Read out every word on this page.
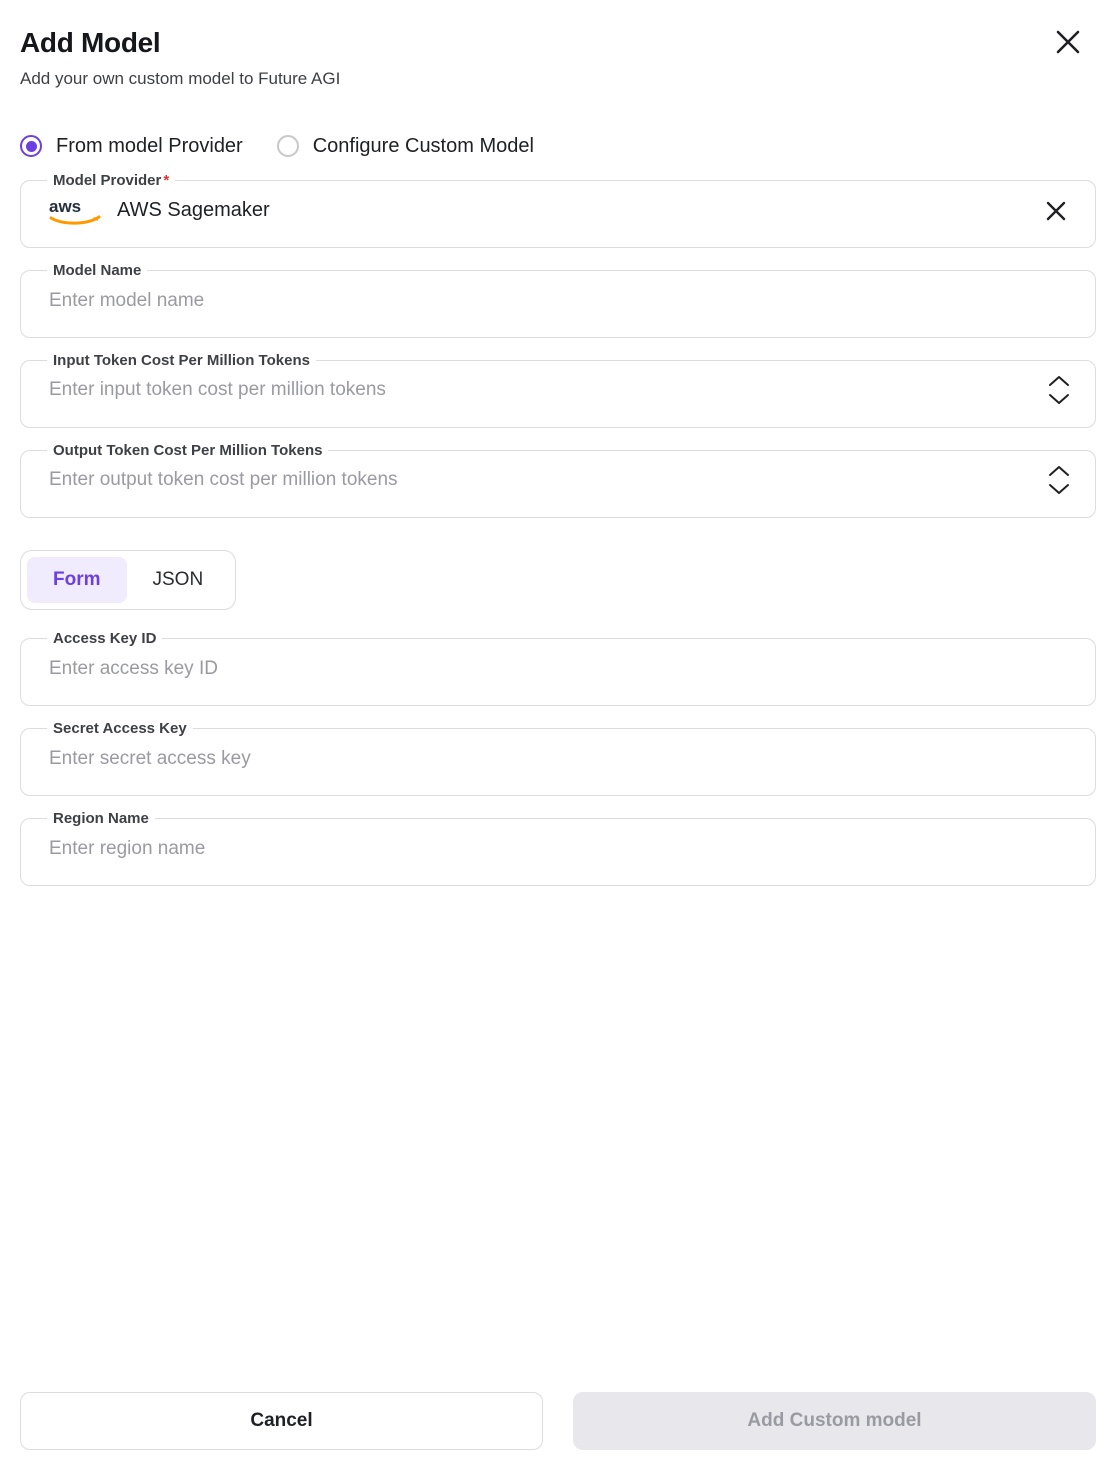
Add Model
Add your own custom model to Future AGI
From model Provider	Configure Custom Model
Model Provider *
aws AWS Sagemaker
Model Name
Enter model name
Input Token Cost Per Million Tokens
Enter input token cost per million tokens
Output Token Cost Per Million Tokens
Enter output token cost per million tokens
Form	JSON
Access Key ID
Enter access key ID
Secret Access Key
Enter secret access key
Region Name
Enter region name
Cancel	Add Custom model
